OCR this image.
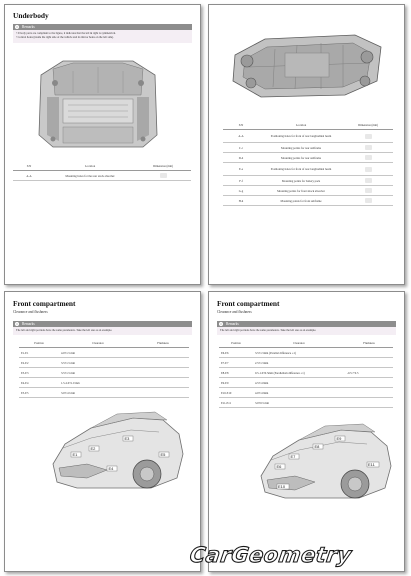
Underbody
i	Remarks
• If body parts are compliant to the figure, it indicates that the left & right is symmetrical.
• Control holes (inside the right side of the vehicle and its mirror holes on the left side).
S/N	Location	Dimension (mm)
A-A	Mounting holes for the rear stock absorber	
S/N	Location	Dimension (mm)
A-A	Positioning holes for front of rear longitudinal beam	
C-c	Mounting points for rear subframe	
D-d	Mounting points for rear subframe	
E-e	Positioning holes for front of rear longitudinal beam	
F-f	Mounting points for battery pack	
G-g	Mounting points for front shock absorber	
H-h	Mounting points for front subframe	
Front compartment
Clearance and flushness
i	Remarks
The left and right portions have the same parameters. Take the left one as an example.
Position	Clearance	Flushness
E1-E1	4.0±1.5 mm	
E2-E2	3.5±1.5 mm	
E3-E3	3.5±1.5 mm	
E4-E4	1.5-2.0±1.0 mm	
E5-E5	3.0±1.0 mm	
E1
E2
E3
E4
E5
Front compartment
Clearance and flushness
i	Remarks
The left and right portions have the same parameters. Take the left one as an example.
Position	Clearance	Flushness
E6-E6	3.5±1.5mm (Parallel difference ≤1)	
E7-E7	2.5±1.5mm	
E8-E8	0.5-1.0±0.5mm (Parallelism difference ≤1)	-0.5~+0.5
E9-E9	4.5±1.0mm	
E10-E10	4.0±1.0mm	
E11-E11	3.0±0.5 mm	
E6
E7
E8
E9
E10
E11
CarGeometry
